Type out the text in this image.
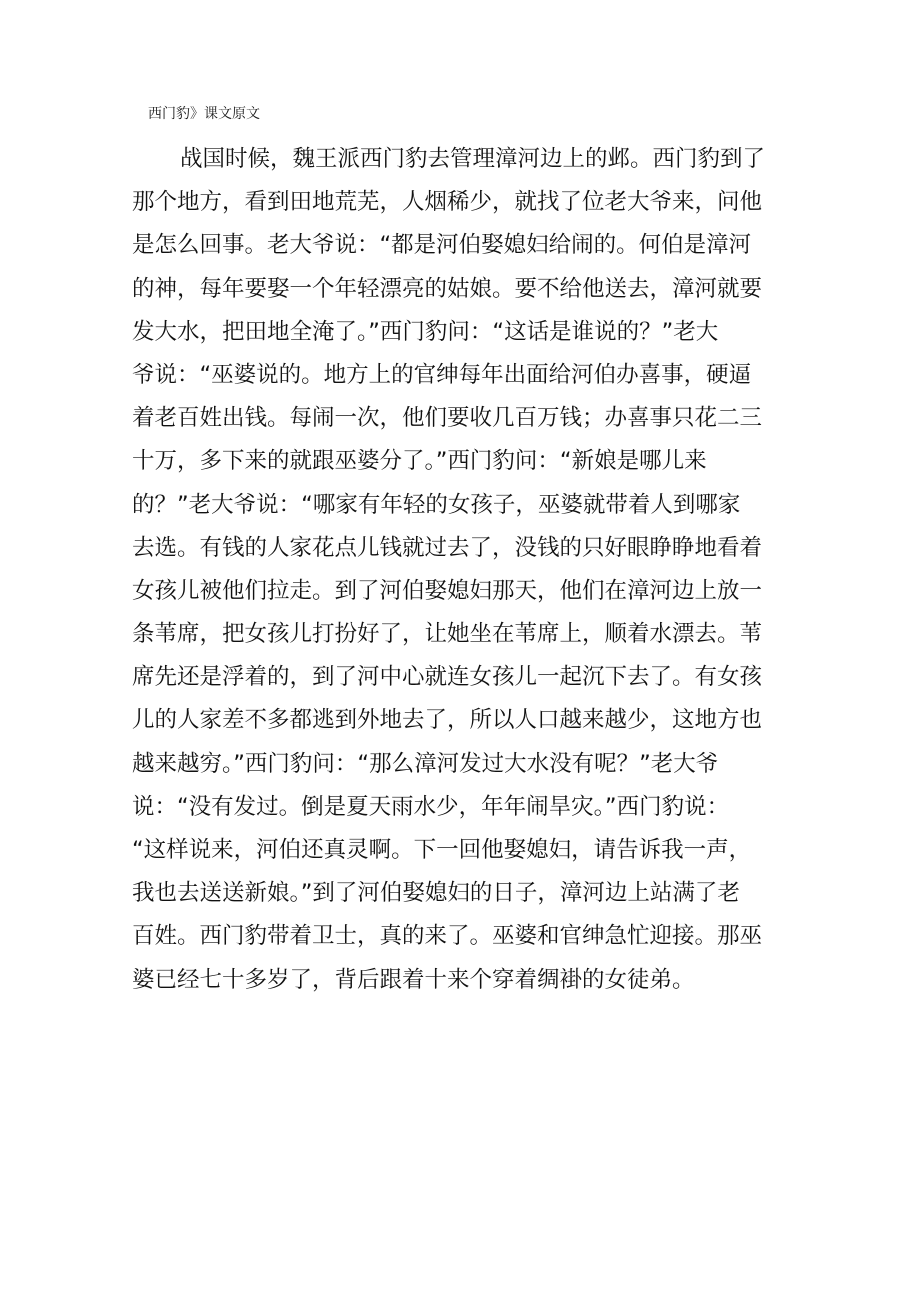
西门豹》课文原文
战国时候，魏王派西门豹去管理漳河边上的邺。西门豹到了
那个地方，看到田地荒芜，人烟稀少，就找了位老大爷来，问他
是怎么回事。老大爷说：“都是河伯娶媳妇给闹的。何伯是漳河
的神，每年要娶一个年轻漂亮的姑娘。要不给他送去，漳河就要
发大水，把田地全淹了。”西门豹问：“这话是谁说的？”老大
爷说：“巫婆说的。地方上的官绅每年出面给河伯办喜事，硬逼
着老百姓出钱。每闹一次，他们要收几百万钱；办喜事只花二三
十万，多下来的就跟巫婆分了。”西门豹问：“新娘是哪儿来
的？”老大爷说：“哪家有年轻的女孩子，巫婆就带着人到哪家
去选。有钱的人家花点儿钱就过去了，没钱的只好眼睁睁地看着
女孩儿被他们拉走。到了河伯娶媳妇那天，他们在漳河边上放一
条苇席，把女孩儿打扮好了，让她坐在苇席上，顺着水漂去。苇
席先还是浮着的，到了河中心就连女孩儿一起沉下去了。有女孩
儿的人家差不多都逃到外地去了，所以人口越来越少，这地方也
越来越穷。”西门豹问：“那么漳河发过大水没有呢？”老大爷
说：“没有发过。倒是夏天雨水少，年年闹旱灾。”西门豹说：
“这样说来，河伯还真灵啊。下一回他娶媳妇，请告诉我一声，
我也去送送新娘。”到了河伯娶媳妇的日子，漳河边上站满了老
百姓。西门豹带着卫士，真的来了。巫婆和官绅急忙迎接。那巫
婆已经七十多岁了，背后跟着十来个穿着绸褂的女徒弟。
